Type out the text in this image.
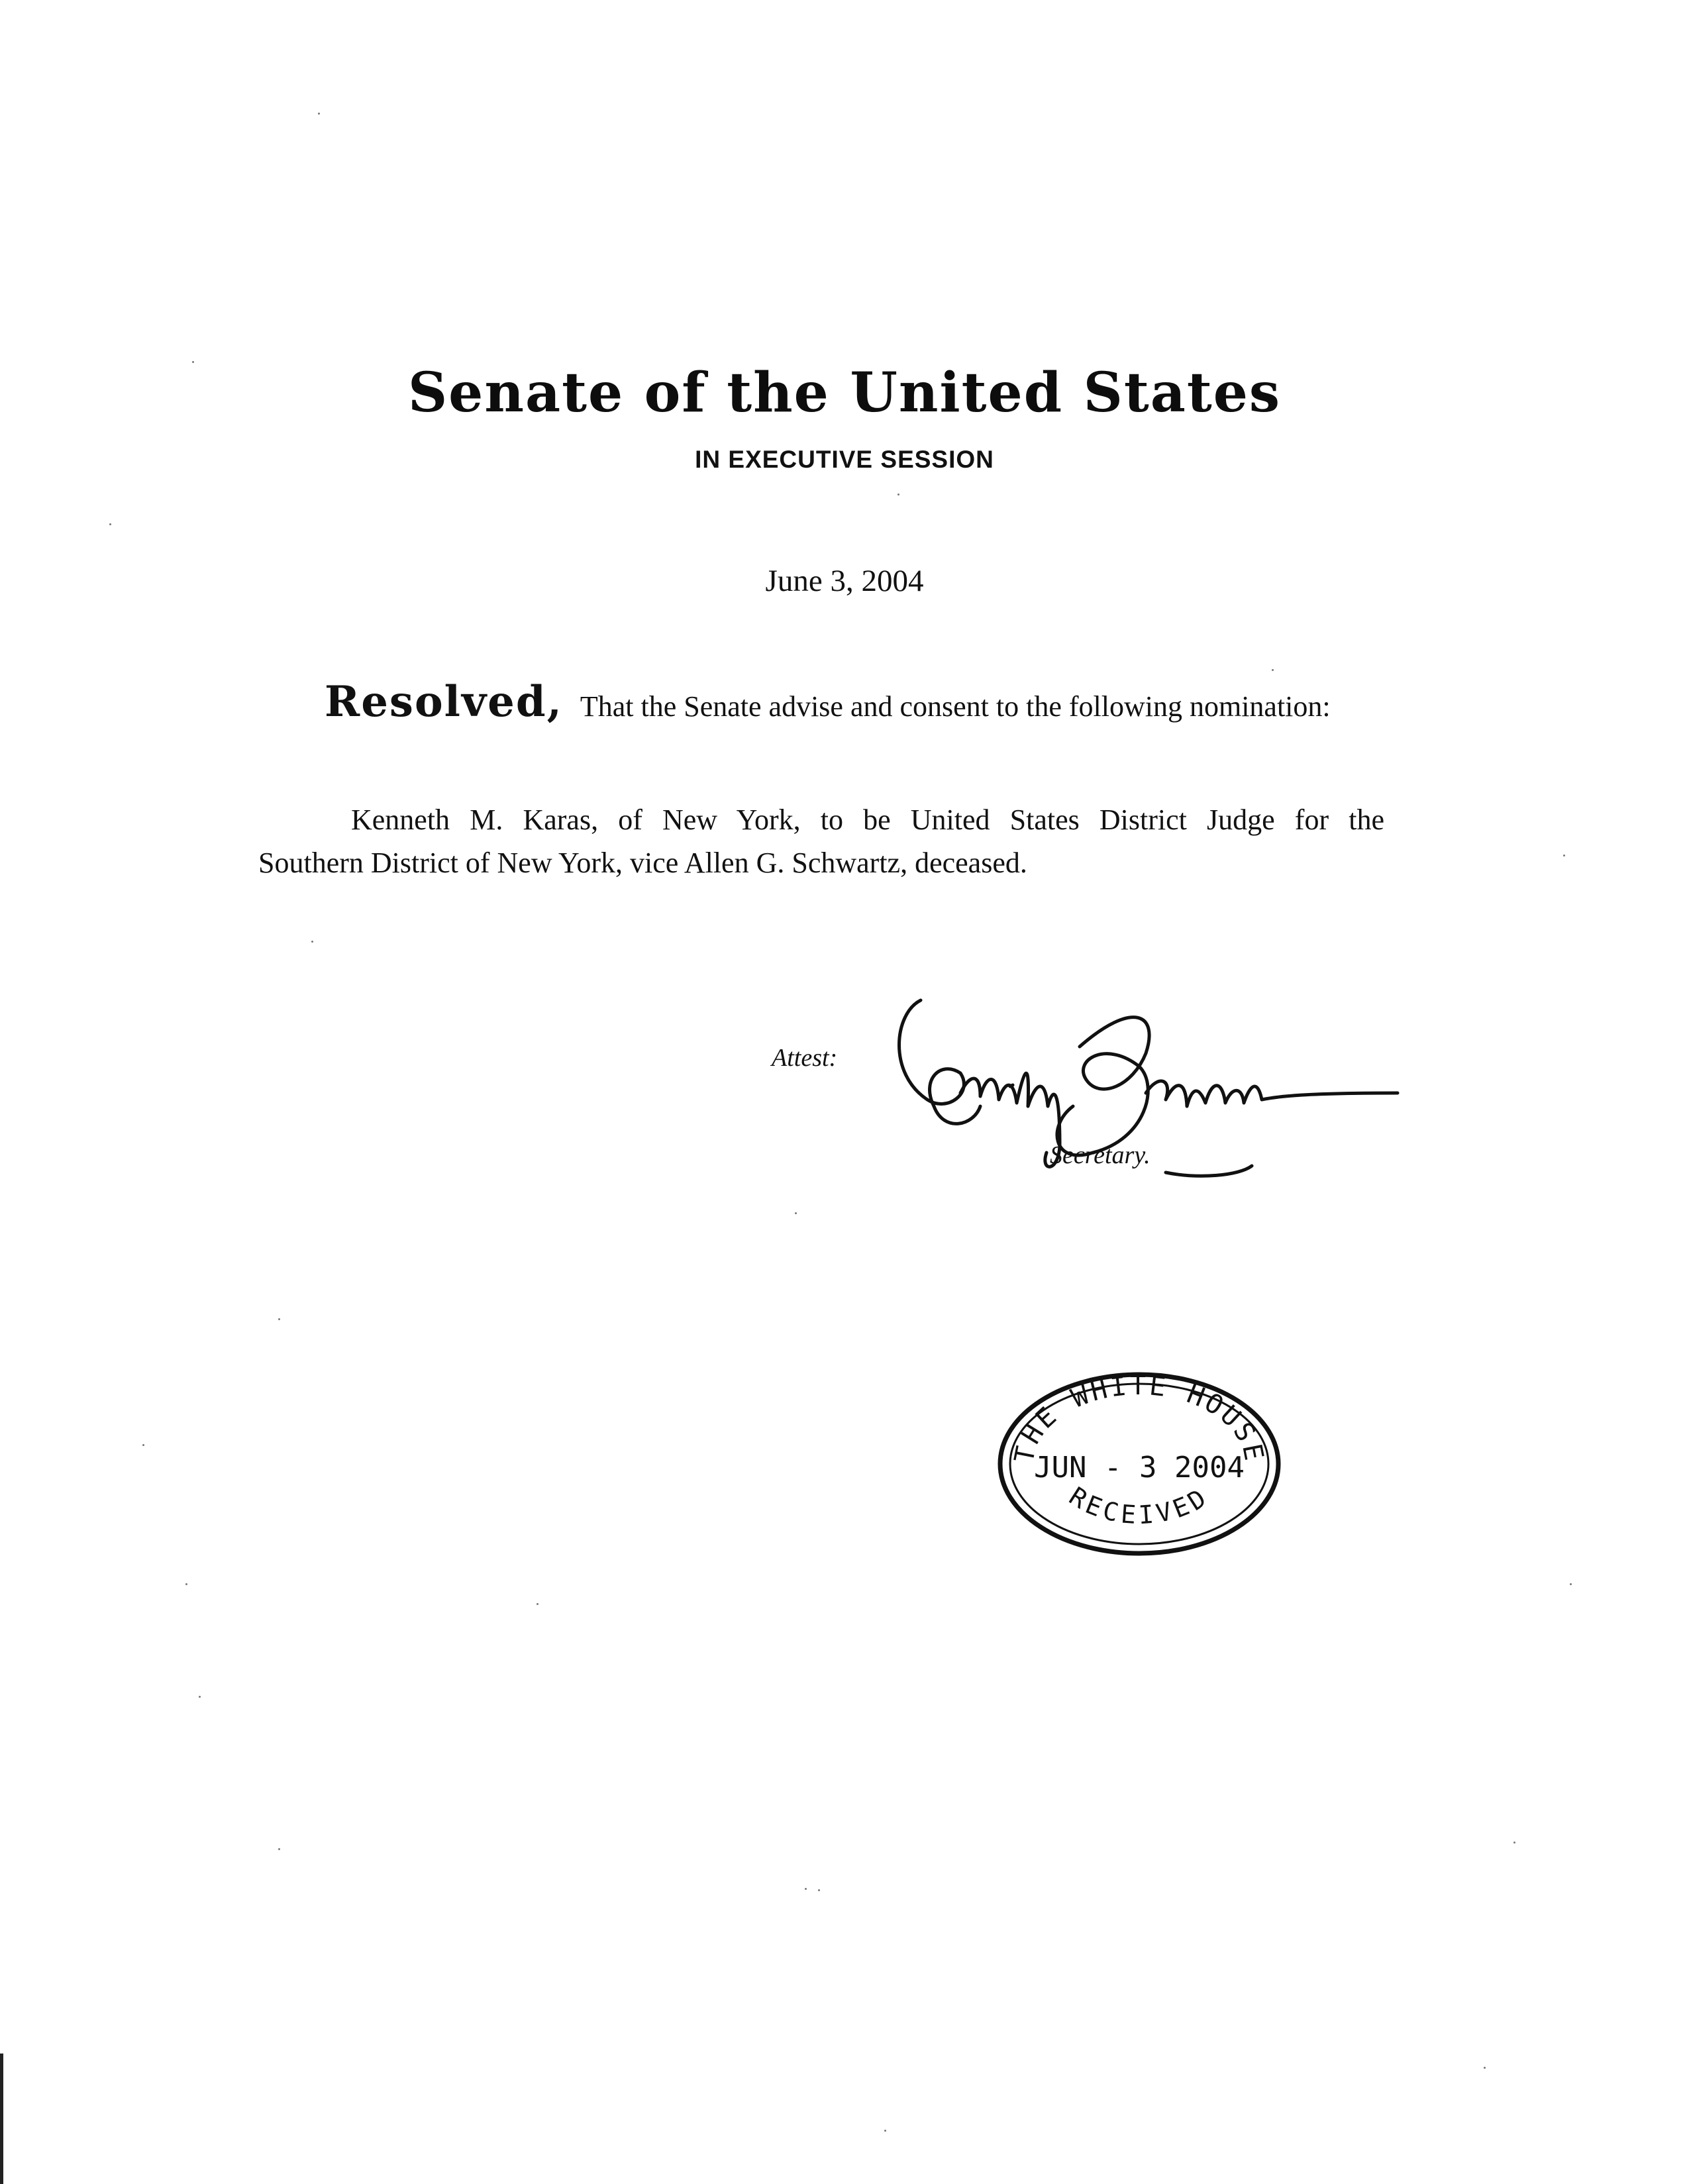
Senate of the United States
IN EXECUTIVE SESSION
June 3, 2004
Resolved, That the Senate advise and consent to the following nomination:
Kenneth M. Karas, of New York, to be United States District Judge for the
Southern District of New York, vice Allen G. Schwartz, deceased.
Attest:
Secretary.
THE WHITE HOUSE
JUN - 3 2004
RECEIVED
